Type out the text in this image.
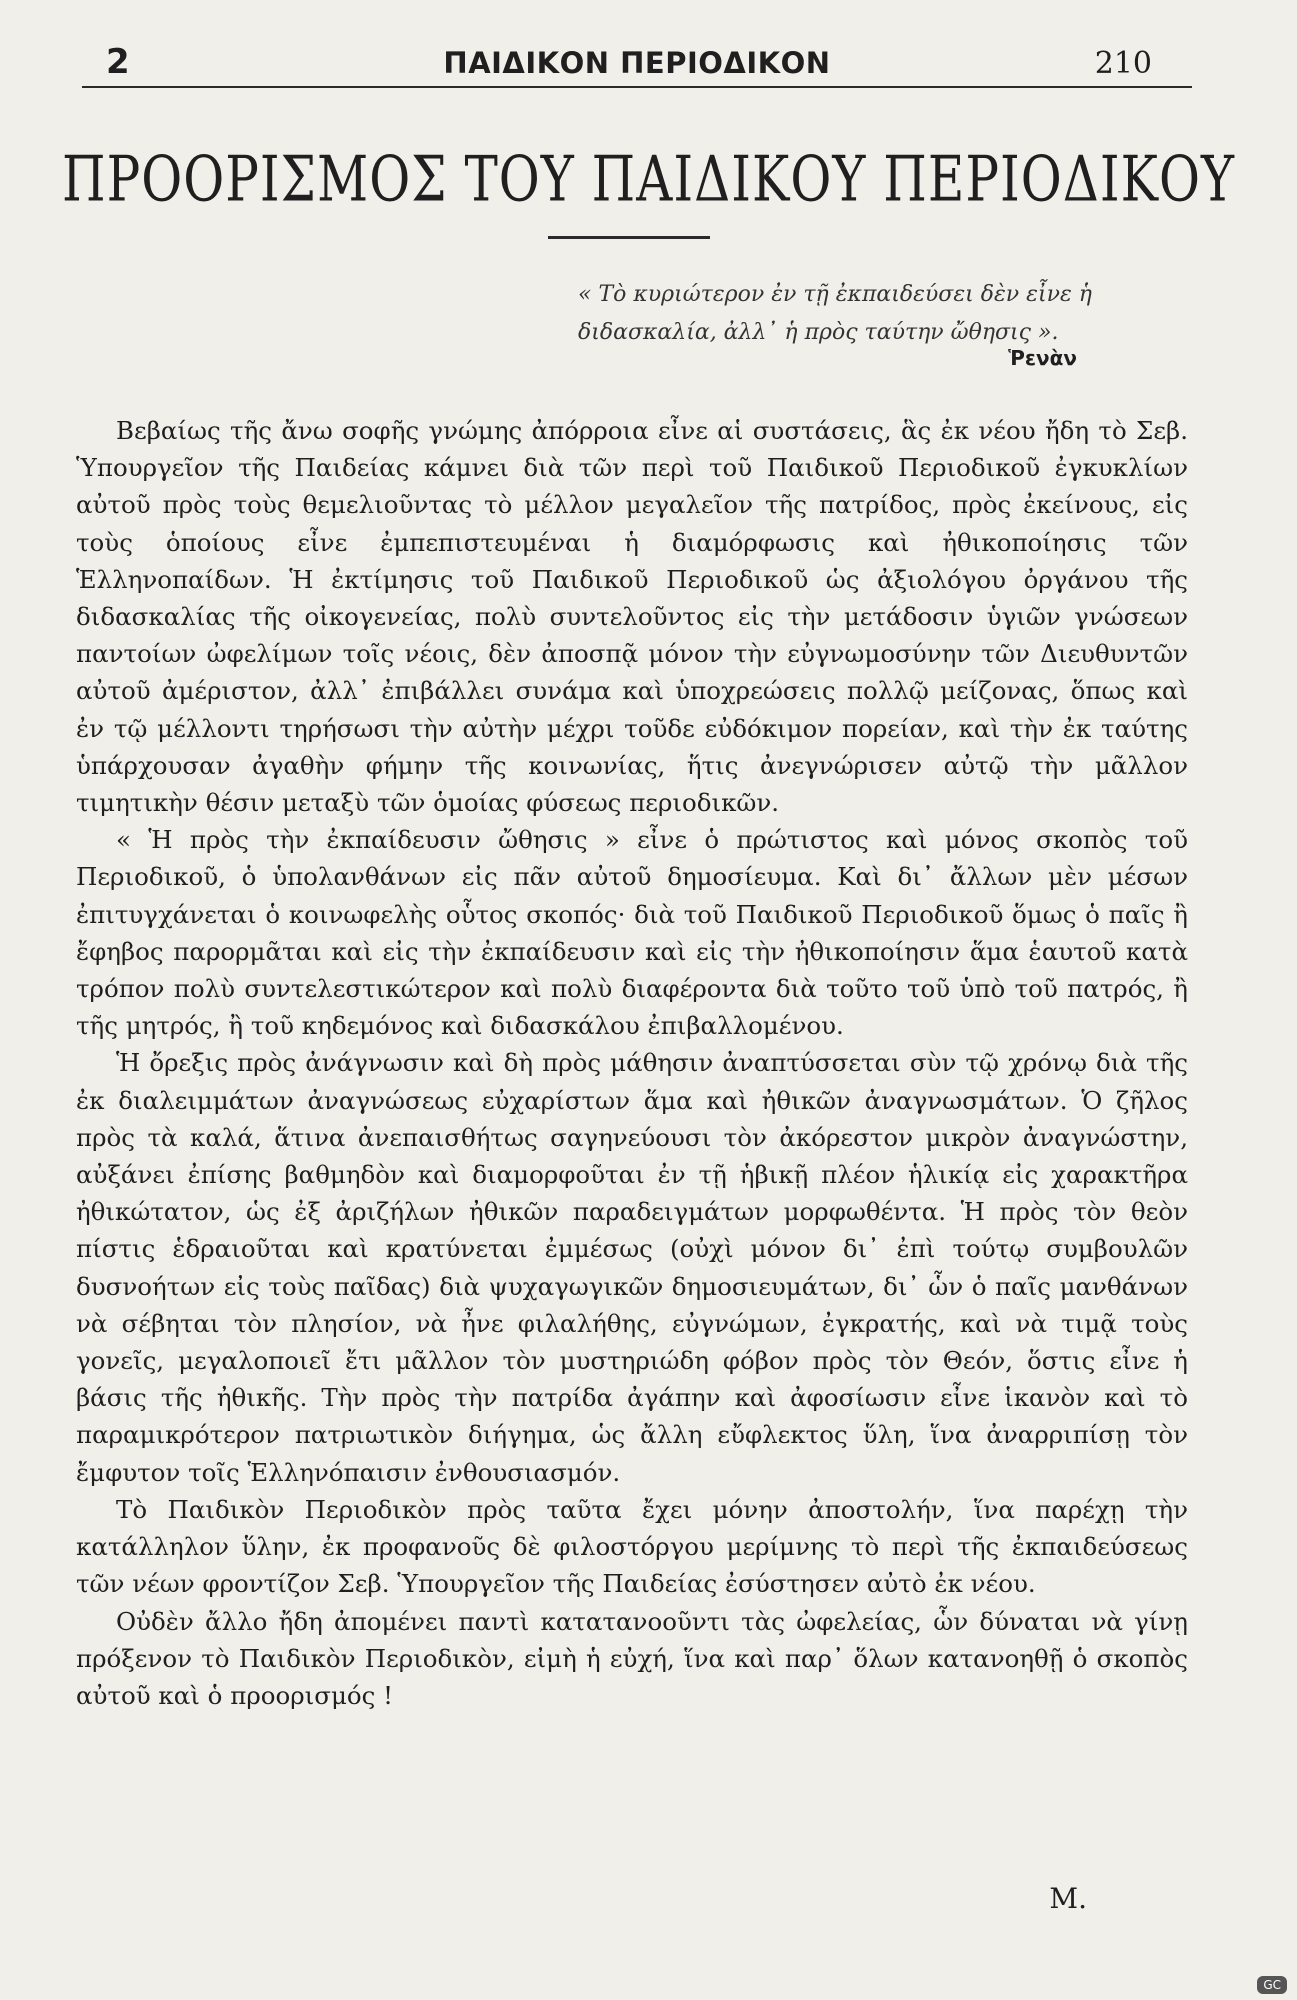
2	ΠΑΙΔΙΚΟΝ ΠΕΡΙΟΔΙΚΟΝ	210
ΠΡΟΟΡΙΣΜΟΣ ΤΟΥ ΠΑΙΔΙΚΟΥ ΠΕΡΙΟΔΙΚΟΥ
« Τὸ κυριώτερον ἐν τῇ ἐκπαιδεύσει δὲν εἶνε ἡ
διδασκαλία, ἀλλ᾽ ἡ πρὸς ταύτην ὤθησις ».
Ῥενὰν

Βεβαίως τῆς ἄνω σοφῆς γνώμης ἀπόρροια εἶνε αἱ συστάσεις, ἃς ἐκ νέου ἤδη τὸ Σεβ. Ὑπουργεῖον τῆς Παιδείας κάμνει διὰ τῶν περὶ τοῦ Παιδικοῦ Περιοδικοῦ ἐγκυκλίων αὐτοῦ πρὸς τοὺς θεμελιοῦντας τὸ μέλλον μεγαλεῖον τῆς πατρίδος, πρὸς ἐκείνους, εἰς τοὺς ὁποίους εἶνε ἐμπεπιστευμέναι ἡ διαμόρφωσις καὶ ἠθικοποίησις τῶν Ἑλληνοπαίδων. Ἡ ἐκτίμησις τοῦ Παιδικοῦ Περιοδικοῦ ὡς ἀξιολόγου ὀργάνου τῆς διδασκαλίας τῆς οἰκογενείας, πολὺ συντελοῦντος εἰς τὴν μετάδοσιν ὑγιῶν γνώσεων παντοίων ὠφελίμων τοῖς νέοις, δὲν ἀποσπᾷ μόνον τὴν εὐγνωμοσύνην τῶν Διευθυντῶν αὐτοῦ ἀμέριστον, ἀλλ᾽ ἐπιβάλλει συνάμα καὶ ὑποχρεώσεις πολλῷ μείζονας, ὅπως καὶ ἐν τῷ μέλλοντι τηρήσωσι τὴν αὐτὴν μέχρι τοῦδε εὐδόκιμον πορείαν, καὶ τὴν ἐκ ταύτης ὑπάρχουσαν ἀγαθὴν φήμην τῆς κοινωνίας, ἥτις ἀνεγνώρισεν αὐτῷ τὴν μᾶλλον τιμητικὴν θέσιν μεταξὺ τῶν ὁμοίας φύσεως περιοδικῶν.

« Ἡ πρὸς τὴν ἐκπαίδευσιν ὤθησις » εἶνε ὁ πρώτιστος καὶ μόνος σκοπὸς τοῦ Περιοδικοῦ, ὁ ὑπολανθάνων εἰς πᾶν αὐτοῦ δημοσίευμα. Καὶ δι᾽ ἄλλων μὲν μέσων ἐπιτυγχάνεται ὁ κοινωφελὴς οὗτος σκοπός· διὰ τοῦ Παιδικοῦ Περιοδικοῦ ὅμως ὁ παῖς ἢ ἔφηβος παρορμᾶται καὶ εἰς τὴν ἐκπαίδευσιν καὶ εἰς τὴν ἠθικοποίησιν ἅμα ἑαυτοῦ κατὰ τρόπον πολὺ συντελεστικώτερον καὶ πολὺ διαφέροντα διὰ τοῦτο τοῦ ὑπὸ τοῦ πατρός, ἢ τῆς μητρός, ἢ τοῦ κηδεμόνος καὶ διδασκάλου ἐπιβαλλομένου.

Ἡ ὄρεξις πρὸς ἀνάγνωσιν καὶ δὴ πρὸς μάθησιν ἀναπτύσσεται σὺν τῷ χρόνῳ διὰ τῆς ἐκ διαλειμμάτων ἀναγνώσεως εὐχαρίστων ἅμα καὶ ἠθικῶν ἀναγνωσμάτων. Ὁ ζῆλος πρὸς τὰ καλά, ἅτινα ἀνεπαισθήτως σαγηνεύουσι τὸν ἀκόρεστον μικρὸν ἀναγνώστην, αὐξάνει ἐπίσης βαθμηδὸν καὶ διαμορφοῦται ἐν τῇ ἡβικῇ πλέον ἡλικίᾳ εἰς χαρακτῆρα ἠθικώτατον, ὡς ἐξ ἀριζήλων ἠθικῶν παραδειγμάτων μορφωθέντα. Ἡ πρὸς τὸν θεὸν πίστις ἑδραιοῦται καὶ κρατύνεται ἐμμέσως (οὐχὶ μόνον δι᾽ ἐπὶ τούτῳ συμβουλῶν δυσνοήτων εἰς τοὺς παῖδας) διὰ ψυχαγωγικῶν δημοσιευμάτων, δι᾽ ὧν ὁ παῖς μανθάνων νὰ σέβηται τὸν πλησίον, νὰ ἦνε φιλαλήθης, εὐγνώμων, ἐγκρατής, καὶ νὰ τιμᾷ τοὺς γονεῖς, μεγαλοποιεῖ ἔτι μᾶλλον τὸν μυστηριώδη φόβον πρὸς τὸν Θεόν, ὅστις εἶνε ἡ βάσις τῆς ἠθικῆς. Τὴν πρὸς τὴν πατρίδα ἀγάπην καὶ ἀφοσίωσιν εἶνε ἱκανὸν καὶ τὸ παραμικρότερον πατριωτικὸν διήγημα, ὡς ἄλλη εὔφλεκτος ὕλη, ἵνα ἀναρριπίσῃ τὸν ἔμφυτον τοῖς Ἑλληνόπαισιν ἐνθουσιασμόν.

Τὸ Παιδικὸν Περιοδικὸν πρὸς ταῦτα ἔχει μόνην ἀποστολήν, ἵνα παρέχῃ τὴν κατάλληλον ὕλην, ἐκ προφανοῦς δὲ φιλοστόργου μερίμνης τὸ περὶ τῆς ἐκπαιδεύσεως τῶν νέων φροντίζον Σεβ. Ὑπουργεῖον τῆς Παιδείας ἐσύστησεν αὐτὸ ἐκ νέου.

Οὐδὲν ἄλλο ἤδη ἀπομένει παντὶ κατατανοοῦντι τὰς ὠφελείας, ὧν δύναται νὰ γίνῃ πρόξενον τὸ Παιδικὸν Περιοδικὸν, εἰμὴ ἡ εὐχή, ἵνα καὶ παρ᾽ ὅλων κατανοηθῇ ὁ σκοπὸς αὐτοῦ καὶ ὁ προορισμός !

Μ.
GC
